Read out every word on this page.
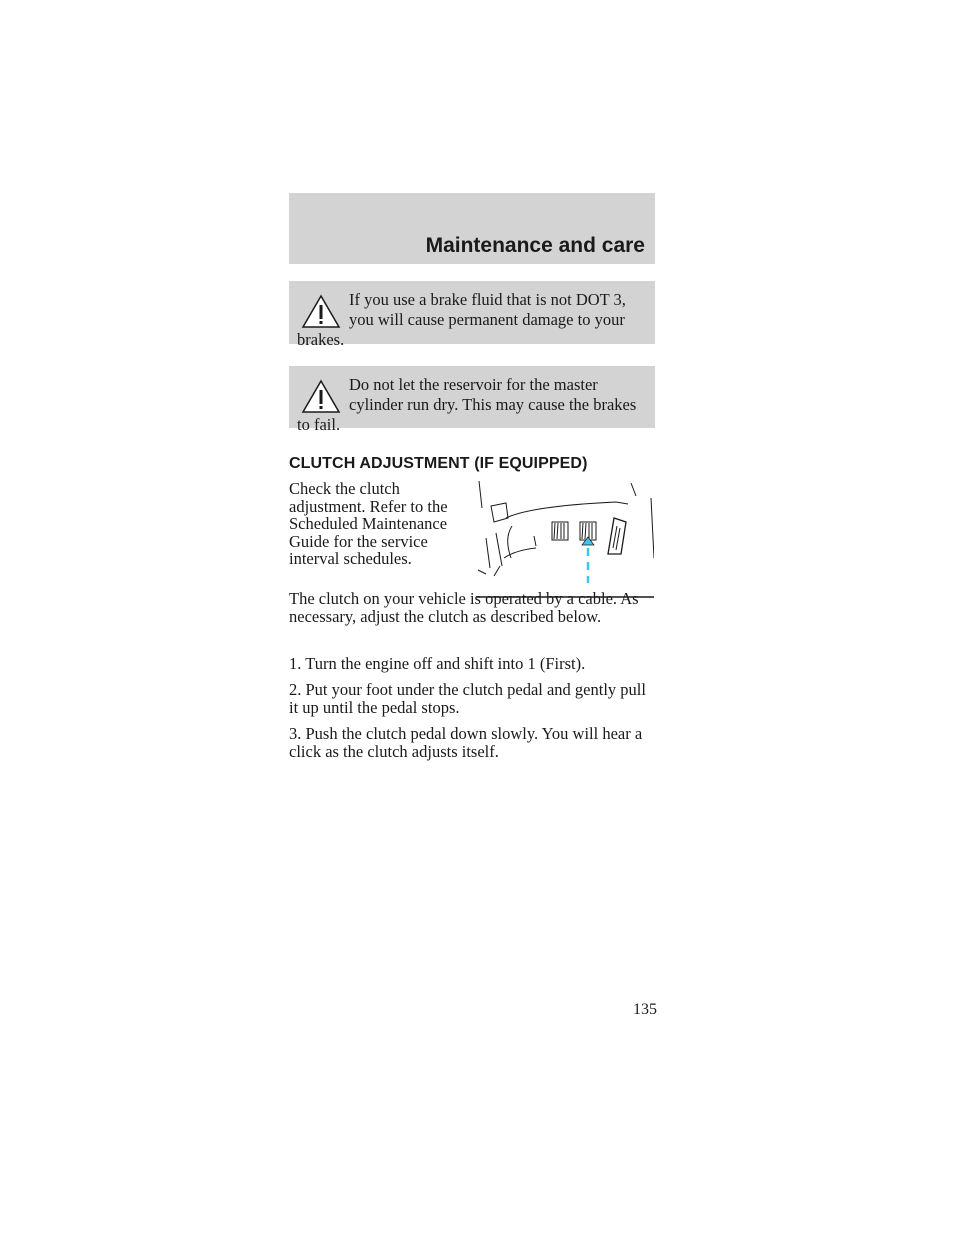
Maintenance and care
If you use a brake fluid that is not DOT 3, you will cause permanent damage to your brakes.
Do not let the reservoir for the master cylinder run dry. This may cause the brakes to fail.
CLUTCH ADJUSTMENT (IF EQUIPPED)

Check the clutch adjustment. Refer to the Scheduled Maintenance Guide for the service interval schedules.

The clutch on your vehicle is operated by a cable. As necessary, adjust the clutch as described below.

1. Turn the engine off and shift into 1 (First).

2. Put your foot under the clutch pedal and gently pull it up until the pedal stops.

3. Push the clutch pedal down slowly. You will hear a click as the clutch adjusts itself.

135
